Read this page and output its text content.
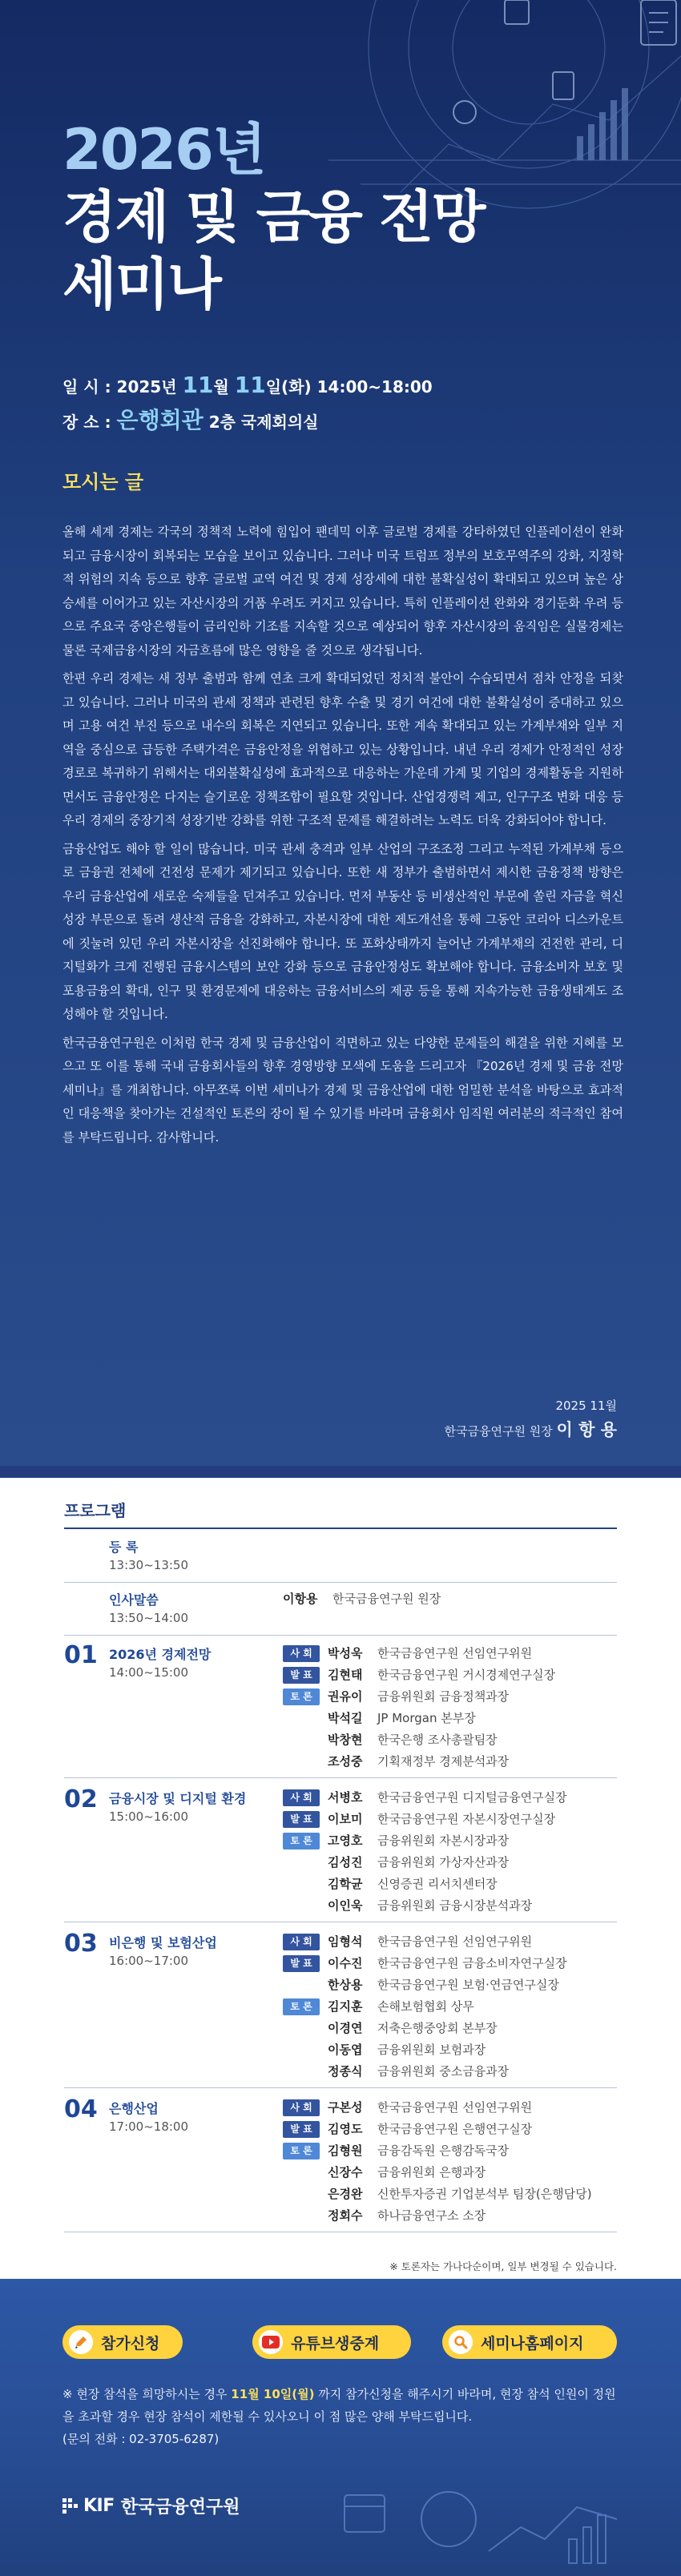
2026년
경제 및 금융 전망
세미나
일 시 : 2025년 11월 11일(화) 14:00~18:00
장 소 : 은행회관 2층 국제회의실
모시는 글

올해 세계 경제는 각국의 정책적 노력에 힘입어 팬데믹 이후 글로벌 경제를 강타하였던 인플레이션이 완화되고 금융시장이 회복되는 모습을 보이고 있습니다. 그러나 미국 트럼프 정부의 보호무역주의 강화, 지정학적 위험의 지속 등으로 향후 글로벌 교역 여건 및 경제 성장세에 대한 불확실성이 확대되고 있으며 높은 상승세를 이어가고 있는 자산시장의 거품 우려도 커지고 있습니다. 특히 인플레이션 완화와 경기둔화 우려 등으로 주요국 중앙은행들이 금리인하 기조를 지속할 것으로 예상되어 향후 자산시장의 움직임은 실물경제는 물론 국제금융시장의 자금흐름에 많은 영향을 줄 것으로 생각됩니다.

한편 우리 경제는 새 정부 출범과 함께 연초 크게 확대되었던 정치적 불안이 수습되면서 점차 안정을 되찾고 있습니다. 그러나 미국의 관세 정책과 관련된 향후 수출 및 경기 여건에 대한 불확실성이 증대하고 있으며 고용 여건 부진 등으로 내수의 회복은 지연되고 있습니다. 또한 계속 확대되고 있는 가계부채와 일부 지역을 중심으로 급등한 주택가격은 금융안정을 위협하고 있는 상황입니다. 내년 우리 경제가 안정적인 성장경로로 복귀하기 위해서는 대외불확실성에 효과적으로 대응하는 가운데 가계 및 기업의 경제활동을 지원하면서도 금융안정은 다지는 슬기로운 정책조합이 필요할 것입니다. 산업경쟁력 제고, 인구구조 변화 대응 등 우리 경제의 중장기적 성장기반 강화를 위한 구조적 문제를 해결하려는 노력도 더욱 강화되어야 합니다.

금융산업도 해야 할 일이 많습니다. 미국 관세 충격과 일부 산업의 구조조정 그리고 누적된 가계부채 등으로 금융권 전체에 건전성 문제가 제기되고 있습니다. 또한 새 정부가 출범하면서 제시한 금융정책 방향은 우리 금융산업에 새로운 숙제들을 던져주고 있습니다. 먼저 부동산 등 비생산적인 부문에 쏠린 자금을 혁신성장 부문으로 돌려 생산적 금융을 강화하고, 자본시장에 대한 제도개선을 통해 그동안 코리아 디스카운트에 짓눌려 있던 우리 자본시장을 선진화해야 합니다. 또 포화상태까지 늘어난 가계부채의 건전한 관리, 디지털화가 크게 진행된 금융시스템의 보안 강화 등으로 금융안정성도 확보해야 합니다. 금융소비자 보호 및 포용금융의 확대, 인구 및 환경문제에 대응하는 금융서비스의 제공 등을 통해 지속가능한 금융생태계도 조성해야 할 것입니다.

한국금융연구원은 이처럼 한국 경제 및 금융산업이 직면하고 있는 다양한 문제들의 해결을 위한 지혜를 모으고 또 이를 통해 국내 금융회사들의 향후 경영방향 모색에 도움을 드리고자 『2026년 경제 및 금융 전망 세미나』를 개최합니다. 아무쪼록 이번 세미나가 경제 및 금융산업에 대한 엄밀한 분석을 바탕으로 효과적인 대응책을 찾아가는 건설적인 토론의 장이 될 수 있기를 바라며 금융회사 임직원 여러분의 적극적인 참여를 부탁드립니다. 감사합니다.

2025 11월
한국금융연구원 원장 이 항 용
프로그램
등 록
13:30~13:50
인사말씀
13:50~14:00
이항용 한국금융연구원 원장
01 2026년 경제전망
14:00~15:00
사 회	박성욱 한국금융연구원 선임연구위원
발 표	김현태 한국금융연구원 거시경제연구실장
토 론	권유이 금융위원회 금융정책과장
박석길 JP Morgan 본부장
박창현 한국은행 조사총괄팀장
조성중 기획재정부 경제분석과장
02 금융시장 및 디지털 환경
15:00~16:00
사 회	서병호 한국금융연구원 디지털금융연구실장
발 표	이보미 한국금융연구원 자본시장연구실장
토 론	고영호 금융위원회 자본시장과장
김성진 금융위원회 가상자산과장
김학균 신영증권 리서치센터장
이인욱 금융위원회 금융시장분석과장
03 비은행 및 보험산업
16:00~17:00
사 회	임형석 한국금융연구원 선임연구위원
발 표	이수진 한국금융연구원 금융소비자연구실장
한상용 한국금융연구원 보험·연금연구실장
토 론	김지훈 손해보험협회 상무
이경연 저축은행중앙회 본부장
이동엽 금융위원회 보험과장
정종식 금융위원회 중소금융과장
04 은행산업
17:00~18:00
사 회	구본성 한국금융연구원 선임연구위원
발 표	김영도 한국금융연구원 은행연구실장
토 론	김형원 금융감독원 은행감독국장
신장수 금융위원회 은행과장
은경완 신한투자증권 기업분석부 팀장(은행담당)
정회수 하나금융연구소 소장
※ 토론자는 가나다순이며, 일부 변경될 수 있습니다.
참가신청	유튜브생중계	세미나홈페이지
※ 현장 참석을 희망하시는 경우 11월 10일(월) 까지 참가신청을 해주시기 바라며, 현장 참석 인원이 정원을 초과할 경우 현장 참석이 제한될 수 있사오니 이 점 많은 양해 부탁드립니다.
(문의 전화 : 02-3705-6287)
KIF 한국금융연구원
